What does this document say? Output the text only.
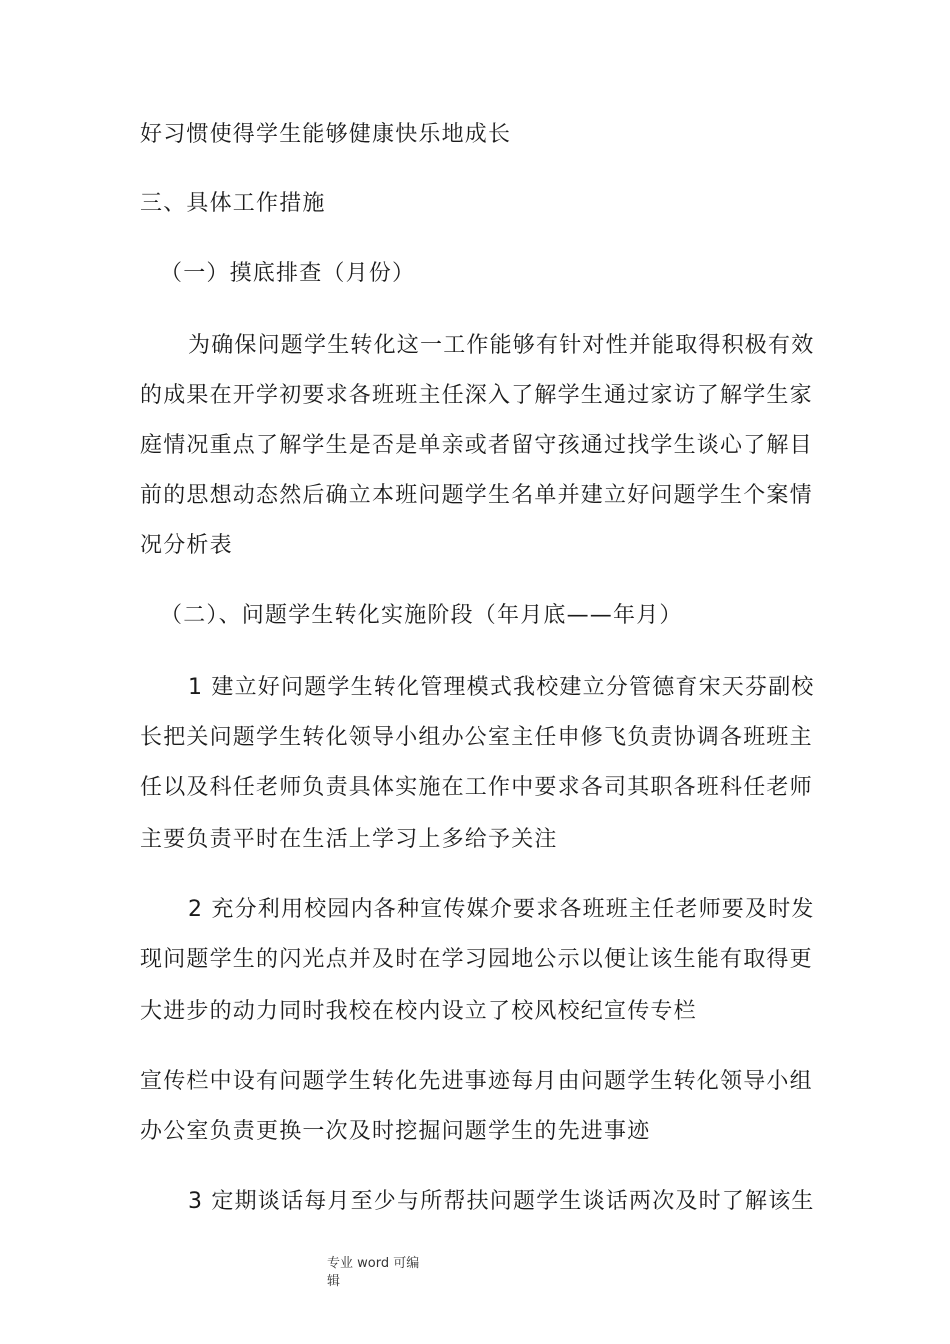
好习惯使得学生能够健康快乐地成长
三、具体工作措施
（一）摸底排查（月份）
为确保问题学生转化这一工作能够有针对性并能取得积极有效
的成果在开学初要求各班班主任深入了解学生通过家访了解学生家
庭情况重点了解学生是否是单亲或者留守孩通过找学生谈心了解目
前的思想动态然后确立本班问题学生名单并建立好问题学生个案情
况分析表
（二）、问题学生转化实施阶段（年月底——年月）
1 建立好问题学生转化管理模式我校建立分管德育宋天芬副校
长把关问题学生转化领导小组办公室主任申修飞负责协调各班班主
任以及科任老师负责具体实施在工作中要求各司其职各班科任老师
主要负责平时在生活上学习上多给予关注
2 充分利用校园内各种宣传媒介要求各班班主任老师要及时发
现问题学生的闪光点并及时在学习园地公示以便让该生能有取得更
大进步的动力同时我校在校内设立了校风校纪宣传专栏
宣传栏中设有问题学生转化先进事迹每月由问题学生转化领导小组
办公室负责更换一次及时挖掘问题学生的先进事迹
3 定期谈话每月至少与所帮扶问题学生谈话两次及时了解该生
专业 word 可编
辑
